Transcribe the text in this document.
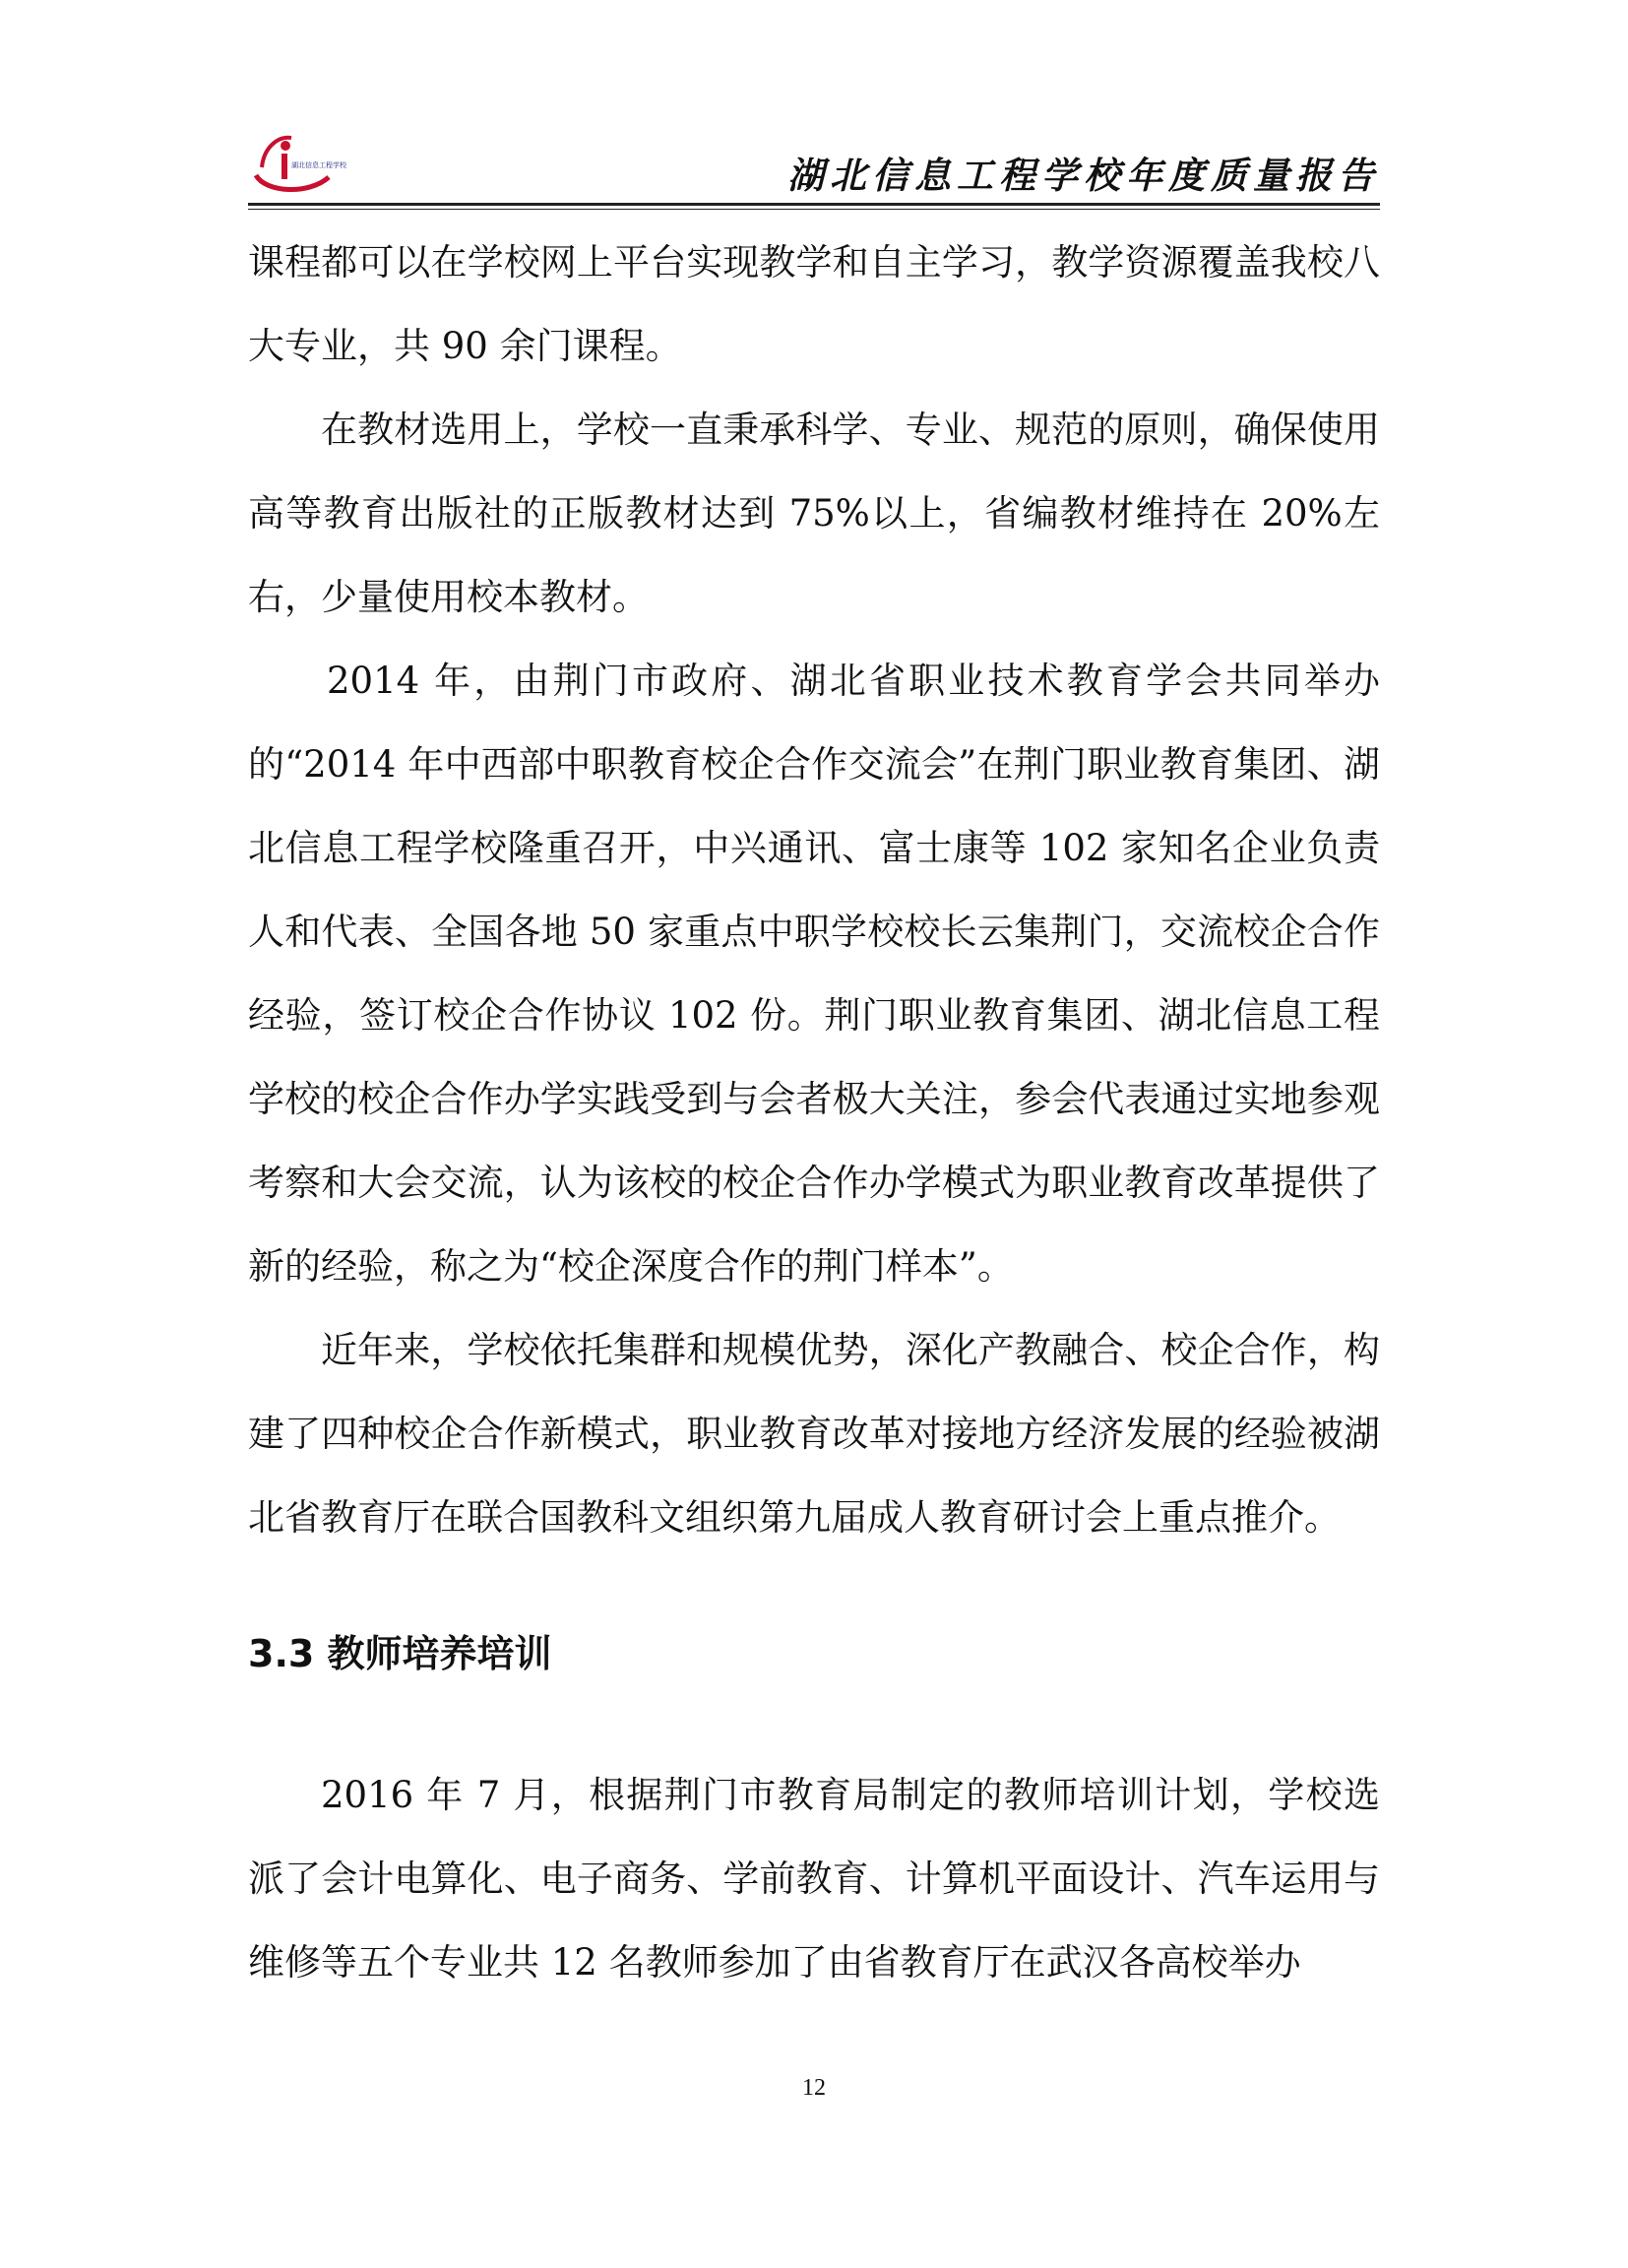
湖北信息工程学校	湖北信息工程学校年度质量报告

课程都可以在学校网上平台实现教学和自主学习，教学资源覆盖我校八大专业，共 90 余门课程。

在教材选用上，学校一直秉承科学、专业、规范的原则，确保使用高等教育出版社的正版教材达到 75%以上，省编教材维持在 20%左右，少量使用校本教材。

2014 年，由荆门市政府、湖北省职业技术教育学会共同举办的“2014 年中西部中职教育校企合作交流会”在荆门职业教育集团、湖北信息工程学校隆重召开，中兴通讯、富士康等 102 家知名企业负责人和代表、全国各地 50 家重点中职学校校长云集荆门，交流校企合作经验，签订校企合作协议 102 份。荆门职业教育集团、湖北信息工程学校的校企合作办学实践受到与会者极大关注，参会代表通过实地参观考察和大会交流，认为该校的校企合作办学模式为职业教育改革提供了新的经验，称之为“校企深度合作的荆门样本”。

近年来，学校依托集群和规模优势，深化产教融合、校企合作，构建了四种校企合作新模式，职业教育改革对接地方经济发展的经验被湖北省教育厅在联合国教科文组织第九届成人教育研讨会上重点推介。

3.3 教师培养培训

2016 年 7 月，根据荆门市教育局制定的教师培训计划，学校选派了会计电算化、电子商务、学前教育、计算机平面设计、汽车运用与维修等五个专业共 12 名教师参加了由省教育厅在武汉各高校举办

12
